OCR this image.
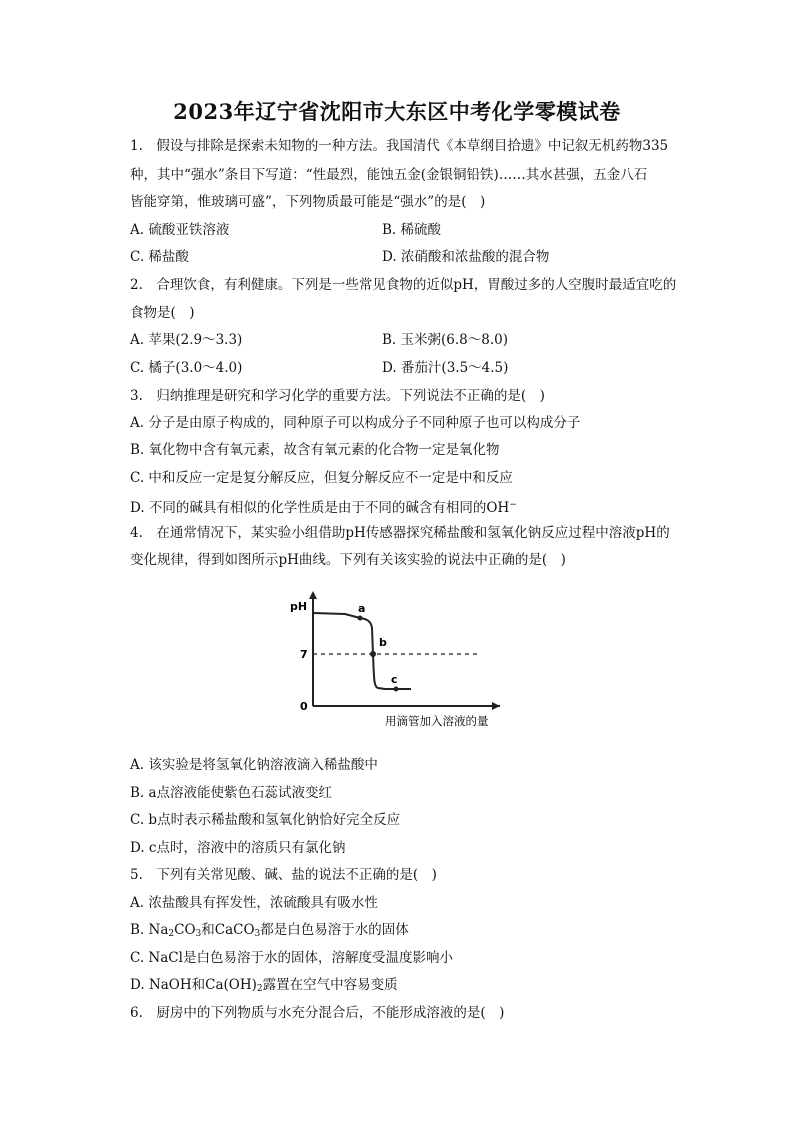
2023年辽宁省沈阳市大东区中考化学零模试卷
1.　假设与排除是探索未知物的一种方法。我国清代《本草纲目拾遗》中记叙无机药物335
种，其中“强水”条目下写道：“性最烈，能蚀五金(金银铜铅铁)……其水甚强，五金八石
皆能穿第，惟玻璃可盛”，下列物质最可能是“强水”的是(　)
A. 硫酸亚铁溶液	B. 稀硫酸
C. 稀盐酸	D. 浓硝酸和浓盐酸的混合物
2.　合理饮食，有利健康。下列是一些常见食物的近似pH，胃酸过多的人空腹时最适宜吃的
食物是(　)
A. 苹果(2.9～3.3)	B. 玉米粥(6.8～8.0)
C. 橘子(3.0～4.0)	D. 番茄汁(3.5～4.5)
3.　归纳推理是研究和学习化学的重要方法。下列说法不正确的是(　)
A. 分子是由原子构成的，同种原子可以构成分子不同种原子也可以构成分子
B. 氧化物中含有氧元素，故含有氧元素的化合物一定是氧化物
C. 中和反应一定是复分解反应，但复分解反应不一定是中和反应
D. 不同的碱具有相似的化学性质是由于不同的碱含有相同的OH−
4.　在通常情况下，某实验小组借助pH传感器探究稀盐酸和氢氧化钠反应过程中溶液pH的
变化规律，得到如图所示pH曲线。下列有关该实验的说法中正确的是(　)
pH
7
0
a
b
c
用滴管加入溶液的量
A. 该实验是将氢氧化钠溶液滴入稀盐酸中
B. a点溶液能使紫色石蕊试液变红
C. b点时表示稀盐酸和氢氧化钠恰好完全反应
D. c点时，溶液中的溶质只有氯化钠
5.　下列有关常见酸、碱、盐的说法不正确的是(　)
A. 浓盐酸具有挥发性，浓硫酸具有吸水性
B. $Na_2CO_3$和CaCO$_3$都是白色易溶于水的固体
C. NaCl是白色易溶于水的固体，溶解度受温度影响小
D. NaOH和$Ca(OH)_2$露置在空气中容易变质
6.　厨房中的下列物质与水充分混合后，不能形成溶液的是(　)
